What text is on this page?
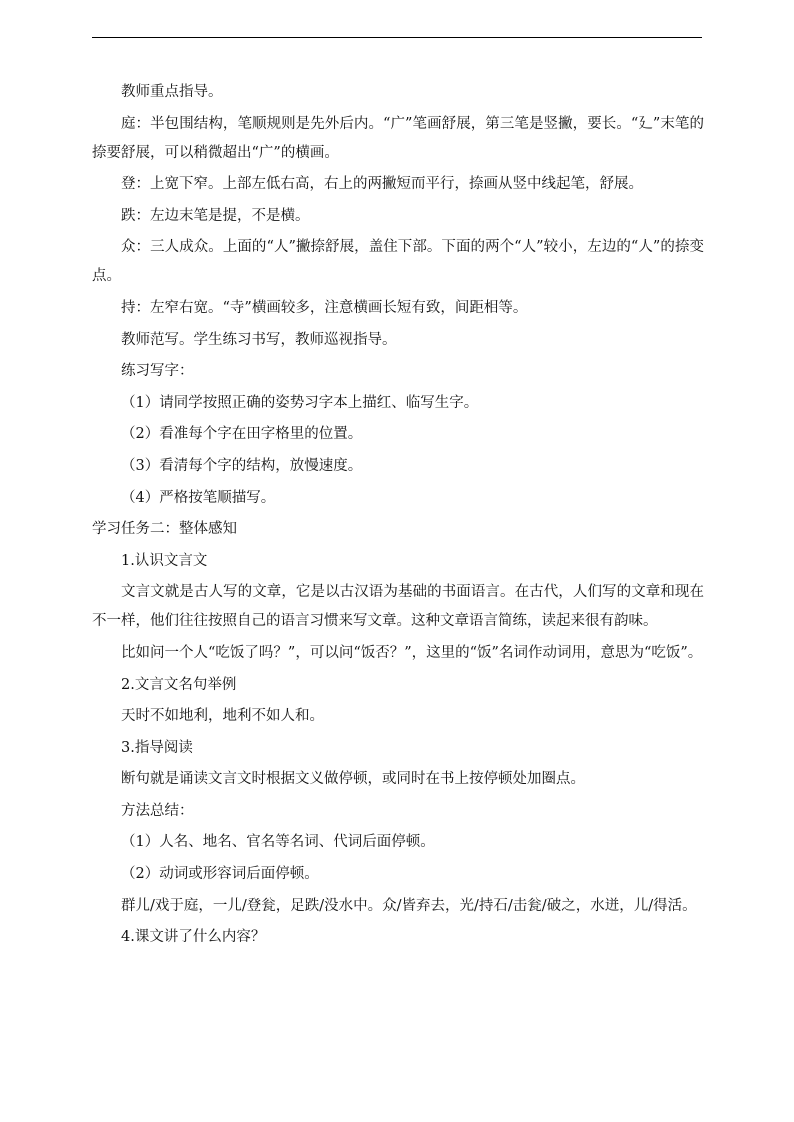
教师重点指导。

庭：半包围结构，笔顺规则是先外后内。“广”笔画舒展，第三笔是竖撇，要长。“廴”末笔的捺要舒展，可以稍微超出“广”的横画。

登：上宽下窄。上部左低右高，右上的两撇短而平行，捺画从竖中线起笔，舒展。

跌：左边末笔是提，不是横。

众：三人成众。上面的“人”撇捺舒展，盖住下部。下面的两个“人”较小，左边的“人”的捺变点。

持：左窄右宽。“寺”横画较多，注意横画长短有致，间距相等。

教师范写。学生练习书写，教师巡视指导。

练习写字：

（1）请同学按照正确的姿势习字本上描红、临写生字。

（2）看准每个字在田字格里的位置。

（3）看清每个字的结构，放慢速度。

（4）严格按笔顺描写。

学习任务二：整体感知

1.认识文言文

文言文就是古人写的文章，它是以古汉语为基础的书面语言。在古代，人们写的文章和现在不一样，他们往往按照自己的语言习惯来写文章。这种文章语言简练，读起来很有韵味。

比如问一个人“吃饭了吗？”，可以问“饭否？”，这里的“饭”名词作动词用，意思为“吃饭”。

2.文言文名句举例

天时不如地利，地利不如人和。

3.指导阅读

断句就是诵读文言文时根据文义做停顿，或同时在书上按停顿处加圈点。

方法总结：

（1）人名、地名、官名等名词、代词后面停顿。

（2）动词或形容词后面停顿。

群儿/戏于庭，一儿/登瓮，足跌/没水中。众/皆弃去，光/持石/击瓮/破之，水迸，儿/得活。

4.课文讲了什么内容？
